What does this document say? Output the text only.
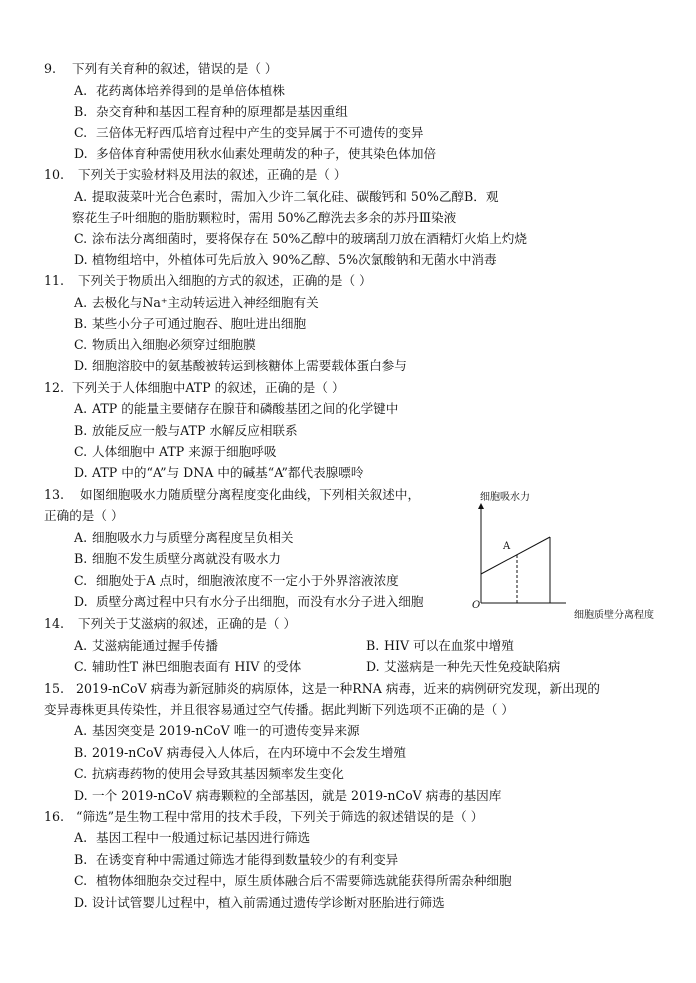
9. 下列有关育种的叙述，错误的是（ ）
A. 花药离体培养得到的是单倍体植株
B. 杂交育种和基因工程育种的原理都是基因重组
C. 三倍体无籽西瓜培育过程中产生的变异属于不可遗传的变异
D. 多倍体育种需使用秋水仙素处理萌发的种子，使其染色体加倍
10. 下列关于实验材料及用法的叙述，正确的是（ ）
A. 提取菠菜叶光合色素时，需加入少许二氧化硅、碳酸钙和 50%乙醇B．观
察花生子叶细胞的脂肪颗粒时，需用 50%乙醇洗去多余的苏丹Ⅲ染液
C. 涂布法分离细菌时，要将保存在 50%乙醇中的玻璃刮刀放在酒精灯火焰上灼烧
D. 植物组培中，外植体可先后放入 90%乙醇、5%次氯酸钠和无菌水中消毒
11. 下列关于物质出入细胞的方式的叙述，正确的是（ ）
A. 去极化与Na⁺主动转运进入神经细胞有关
B. 某些小分子可通过胞吞、胞吐进出细胞
C. 物质出入细胞必须穿过细胞膜
D. 细胞溶胶中的氨基酸被转运到核糖体上需要载体蛋白参与
12. 下列关于人体细胞中ATP 的叙述，正确的是（ ）
A. ATP 的能量主要储存在腺苷和磷酸基团之间的化学键中
B. 放能反应一般与ATP 水解反应相联系
C. 人体细胞中 ATP 来源于细胞呼吸
D. ATP 中的“A”与 DNA 中的碱基“A”都代表腺嘌呤
13. 如图细胞吸水力随质壁分离程度变化曲线，下列相关叙述中，
正确的是（ ）
A. 细胞吸水力与质壁分离程度呈负相关
B. 细胞不发生质壁分离就没有吸水力
C. 细胞处于A 点时，细胞液浓度不一定小于外界溶液浓度
D. 质壁分离过程中只有水分子出细胞，而没有水分子进入细胞
细胞吸水力
O
A
细胞质壁分离程度
14. 下列关于艾滋病的叙述，正确的是（ ）
A. 艾滋病能通过握手传播	B. HIV 可以在血浆中增殖
C. 辅助性T 淋巴细胞表面有 HIV 的受体	D. 艾滋病是一种先天性免疫缺陷病
15. 2019-nCoV 病毒为新冠肺炎的病原体，这是一种RNA 病毒，近来的病例研究发现，新出现的
变异毒株更具传染性，并且很容易通过空气传播。据此判断下列选项不正确的是（ ）
A. 基因突变是 2019-nCoV 唯一的可遗传变异来源
B. 2019-nCoV 病毒侵入人体后，在内环境中不会发生增殖
C. 抗病毒药物的使用会导致其基因频率发生变化
D. 一个 2019-nCoV 病毒颗粒的全部基因，就是 2019-nCoV 病毒的基因库
16. “筛选”是生物工程中常用的技术手段，下列关于筛选的叙述错误的是（ ）
A. 基因工程中一般通过标记基因进行筛选
B. 在诱变育种中需通过筛选才能得到数量较少的有利变异
C. 植物体细胞杂交过程中，原生质体融合后不需要筛选就能获得所需杂种细胞
D. 设计试管婴儿过程中，植入前需通过遗传学诊断对胚胎进行筛选
